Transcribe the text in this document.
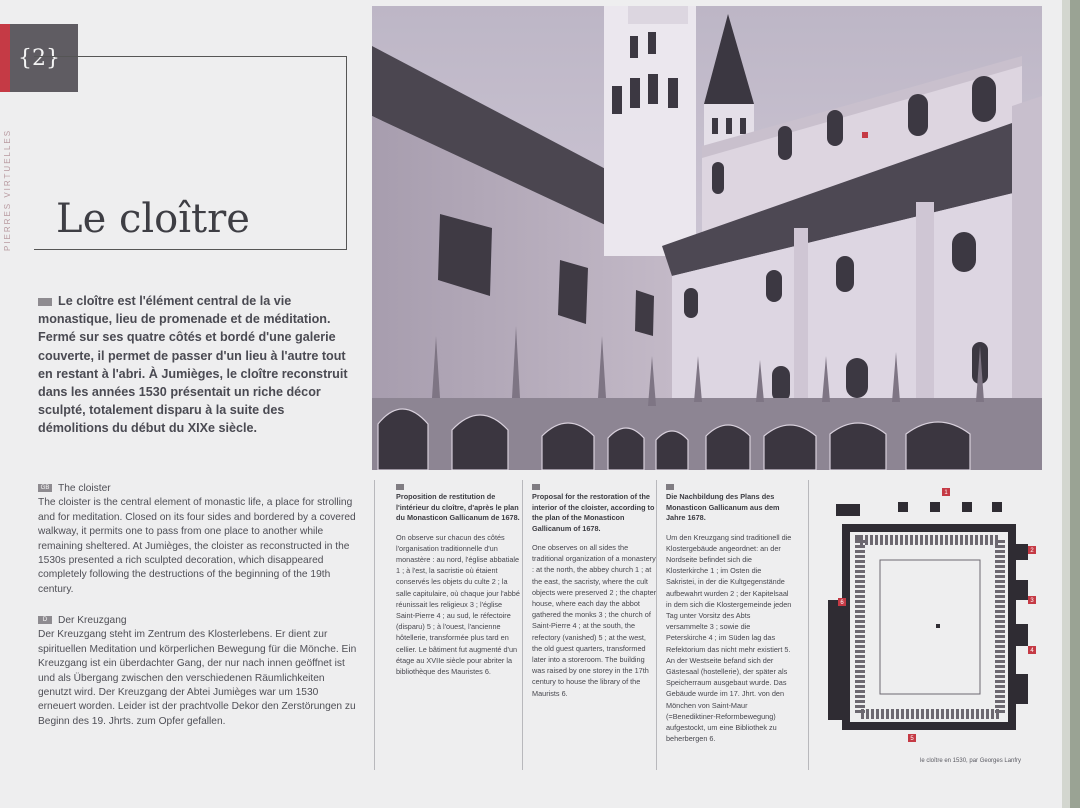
{2}
PIERRES VIRTUELLES Le cloître
Le cloître est l'élément central de la vie monastique, lieu de promenade et de méditation. Fermé sur ses quatre côtés et bordé d'une galerie couverte, il permet de passer d'un lieu à l'autre tout en restant à l'abri. À Jumièges, le cloître reconstruit dans les années 1530 présentait un riche décor sculpté, totalement disparu à la suite des démolitions du début du XIXe siècle.
GB The cloister
The cloister is the central element of monastic life, a place for strolling and for meditation. Closed on its four sides and bordered by a covered walkway, it permits one to pass from one place to another while remaining sheltered. At Jumièges, the cloister as reconstructed in the 1530s presented a rich sculpted decoration, which disappeared completely following the destructions of the beginning of the 19th century.
D Der Kreuzgang
Der Kreuzgang steht im Zentrum des Klosterlebens. Er dient zur spirituellen Meditation und körperlichen Bewegung für die Mönche. Ein Kreuzgang ist ein überdachter Gang, der nur nach innen geöffnet ist und als Übergang zwischen den verschiedenen Räumlichkeiten genutzt wird. Der Kreuzgang der Abtei Jumièges war um 1530 erneuert worden. Leider ist der prachtvolle Dekor den Zerstörungen zu Beginn des 19. Jhrts. zum Opfer gefallen.
Proposition de restitution de l'intérieur du cloître, d'après le plan du Monasticon Gallicanum de 1678.
On observe sur chacun des côtés l'organisation traditionnelle d'un monastère : au nord, l'église abbatiale 1 ; à l'est, la sacristie où étaient conservés les objets du culte 2 ; la salle capitulaire, où chaque jour l'abbé réunissait les religieux 3 ; l'église Saint-Pierre 4 ; au sud, le réfectoire (disparu) 5 ; à l'ouest, l'ancienne hôtellerie, transformée plus tard en cellier. Le bâtiment fut augmenté d'un étage au XVIIe siècle pour abriter la bibliothèque des Mauristes 6.
Proposal for the restoration of the interior of the cloister, according to the plan of the Monasticon Gallicanum of 1678.
One observes on all sides the traditional organization of a monastery : at the north, the abbey church 1 ; at the east, the sacristy, where the cult objects were preserved 2 ; the chapter house, where each day the abbot gathered the monks 3 ; the church of Saint-Pierre 4 ; at the south, the refectory (vanished) 5 ; at the west, the old guest quarters, transformed later into a storeroom. The building was raised by one storey in the 17th century to house the library of the Maurists 6.
Die Nachbildung des Plans des Monasticon Gallicanum aus dem Jahre 1678.
Um den Kreuzgang sind traditionell die Klostergebäude angeordnet: an der Nordseite befindet sich die Klosterkirche 1 ; im Osten die Sakristei, in der die Kultgegenstände aufbewahrt wurden 2 ; der Kapitelsaal in dem sich die Klostergemeinde jeden Tag unter Vorsitz des Abts versammelte 3 ; sowie die Peterskirche 4 ; im Süden lag das Refektorium das nicht mehr existiert 5. An der Westseite befand sich der Gästesaal (hostellerie), der später als Speicherraum ausgebaut wurde. Das Gebäude wurde im 17. Jhrt. von den Mönchen von Saint-Maur (=Benediktiner-Reformbewegung) aufgestockt, um eine Bibliothek zu beherbergen 6.
1
2
3
4
5
6
le cloître en 1530, par Georges Lanfry
